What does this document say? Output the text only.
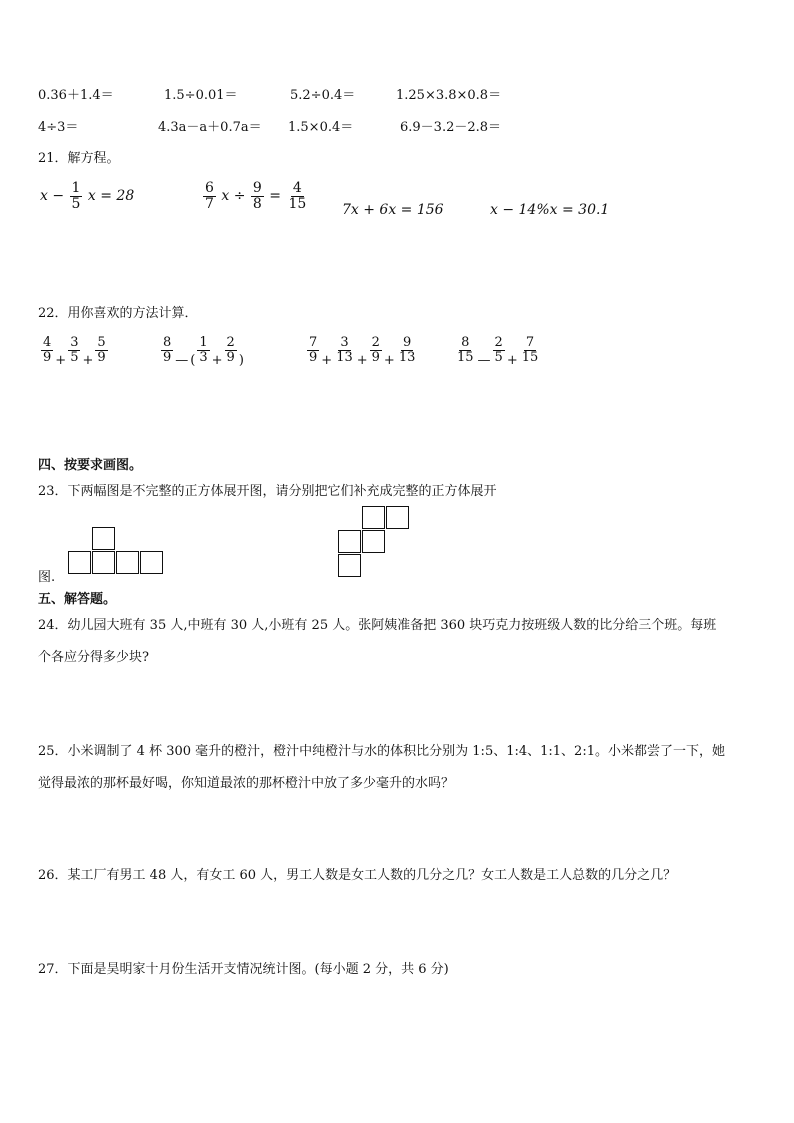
0.36＋1.4＝	1.5÷0.01＝	5.2÷0.4＝	1.25×3.8×0.8＝
4÷3＝	4.3a－a＋0.7a＝ 1.5×0.4＝	6.9－3.2－2.8＝
21．解方程。
$x - \frac{1}{5}$ x = 28	$\frac{6}{7}$ $x \div \frac{9}{8} = \frac{4}{15} 7x + 6x = 156$	x − 14%x = 30.1
22．用你喜欢的方法计算．
$\frac{4}{9} + \frac{3}{5} + \frac{5}{9}$	$\frac{8}{9}$ — ( $\frac{1}{3} + \frac{2}{9}$ )	$\frac{7}{9} + \frac{3}{13} + \frac{2}{9} + \frac{9}{13}$	$\frac{8}{15}$ — $\frac{2}{5} + \frac{7}{15}$
四、按要求画图。
23．下两幅图是不完整的正方体展开图，请分别把它们补充成完整的正方体展开
图.
五、解答题。
24．幼儿园大班有 35 人,中班有 30 人,小班有 25 人。张阿姨准备把 360 块巧克力按班级人数的比分给三个班。每班
个各应分得多少块?
25．小米调制了 4 杯 300 毫升的橙汁，橙汁中纯橙汁与水的体积比分别为 1:5、1:4、1:1、2:1。小米都尝了一下，她
觉得最浓的那杯最好喝，你知道最浓的那杯橙汁中放了多少毫升的水吗？
26．某工厂有男工 48 人，有女工 60 人，男工人数是女工人数的几分之几？女工人数是工人总数的几分之几？
27．下面是昊明家十月份生活开支情况统计图。(每小题 2 分，共 6 分)
